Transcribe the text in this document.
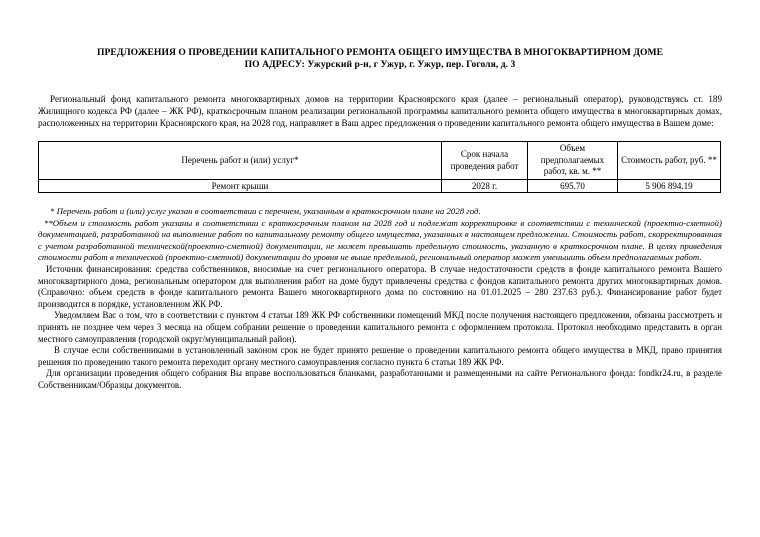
ПРЕДЛОЖЕНИЯ О ПРОВЕДЕНИИ КАПИТАЛЬНОГО РЕМОНТА ОБЩЕГО ИМУЩЕСТВА В МНОГОКВАРТИРНОМ ДОМЕ
ПО АДРЕСУ: Ужурский р-н, г Ужур, г. Ужур, пер. Гоголя, д. 3
Региональный фонд капитального ремонта многоквартирных домов на территории Красноярского края (далее – региональный оператор), руководствуясь ст. 189 Жилищного кодекса РФ (далее – ЖК РФ), краткосрочным планом реализации региональной программы капитального ремонта общего имущества в многоквартирных домах, расположенных на территории Красноярского края, на 2028 год, направляет в Ваш адрес предложения о проведении капитального ремонта общего имущества в Вашем доме:
Перечень работ и (или) услуг*	Срок начала проведения работ	Объем предполагаемых работ, кв. м. **	Стоимость работ, руб. **
Ремонт крыши	2028 г.	695.70	5 906 894.19

* Перечень работ и (или) услуг указан в соответствии с перечнем, указанным в краткосрочном плане на 2028 год.

**Объем и стоимость работ указаны в соответствии с краткосрочным планом на 2028 год и подлежат корректировке в соответствии с технической (проектно-сметной) документацией, разработанной на выполнение работ по капитальному ремонту общего имущества, указанных в настоящем предложении. Стоимость работ, скорректированная с учетом разработанной технической(проектно-сметной) документации, не может превышать предельную стоимость, указанную в краткосрочном плане. В целях приведения стоимости работ в технической (проектно-сметной) документации до уровня не выше предельной, региональный оператор может уменьшить объем предполагаемых работ.

Источник финансирования: средства собственников, вносимые на счет регионального оператора. В случае недостаточности средств в фонде капитального ремонта Вашего многоквартирного дома, региональным оператором для выполнения работ на доме будут привлечены средства с фондов капитального ремонта других многоквартирных домов. (Справочно: объем средств в фонде капитального ремонта Вашего многоквартирного дома по состоянию на 01.01.2025 – 280 237.63 руб.). Финансирование работ будет производится в порядке, установленном ЖК РФ.

Уведомляем Вас о том, что в соответствии с пунктом 4 статьи 189 ЖК РФ собственники помещений МКД после получения настоящего предложения, обязаны рассмотреть и принять не позднее чем через 3 месяца на общем собрании решение о проведении капитального ремонта с оформлением протокола. Протокол необходимо представить в орган местного самоуправления (городской округ/муниципальный район).

В случае если собственниками в установленный законом срок не будет принято решение о проведении капитального ремонта общего имущества в МКД, право принятия решения по проведению такого ремонта переходит органу местного самоуправления согласно пункта 6 статьи 189 ЖК РФ.

Для организации проведения общего собрания Вы вправе воспользоваться бланками, разработанными и размещенными на сайте Регионального фонда: fondkr24.ru, в разделе Собственникам/Образцы документов.
